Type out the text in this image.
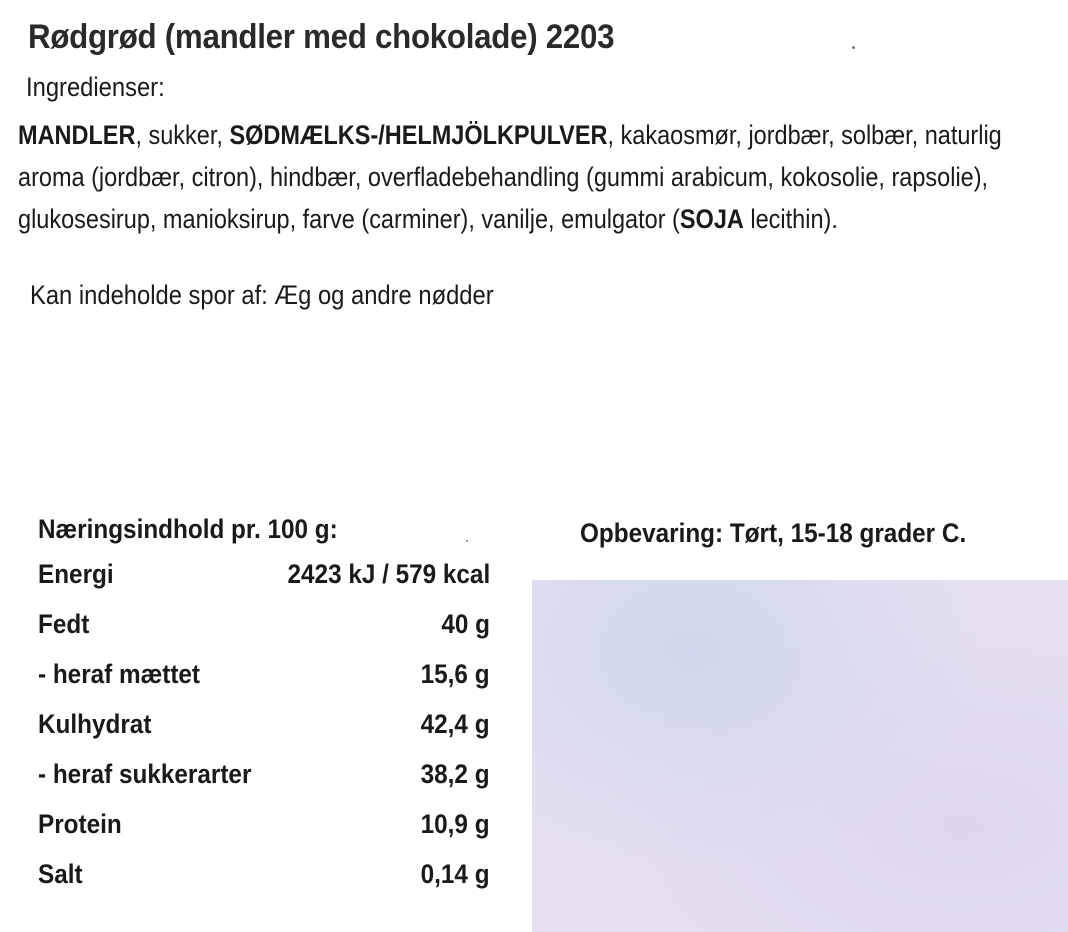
Rødgrød (mandler med chokolade) 2203
Ingredienser:
MANDLER, sukker, SØDMÆLKS-/HELMJÖLKPULVER, kakaosmør, jordbær, solbær, naturlig aroma (jordbær, citron), hindbær, overfladebehandling (gummi arabicum, kokosolie, rapsolie), glukosesirup, manioksirup, farve (carminer), vanilje, emulgator (SOJA lecithin).
Kan indeholde spor af: Æg og andre nødder
Næringsindhold pr. 100 g:
Energi	2423 kJ / 579 kcal
Fedt	40 g
- heraf mættet	15,6 g
Kulhydrat	42,4 g
- heraf sukkerarter	38,2 g
Protein	10,9 g
Salt	0,14 g
Opbevaring: Tørt, 15-18 grader C.
